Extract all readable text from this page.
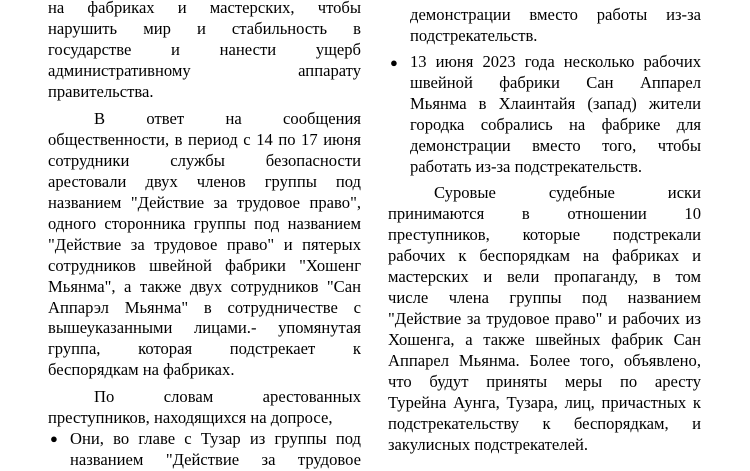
на фабриках и мастерских, чтобы
нарушить мир и стабильность в
государстве и нанести ущерб
административному аппарату
правительства.
В ответ на сообщения
общественности, в период с 14 по 17 июня
сотрудники службы безопасности
арестовали двух членов группы под
названием "Действие за трудовое право",
одного сторонника группы под названием
"Действие за трудовое право" и пятерых
сотрудников швейной фабрики "Хошенг
Мьянма", а также двух сотрудников "Сан
Аппарэл Мьянма" в сотрудничестве с
вышеуказанными лицами.- упомянутая
группа, которая подстрекает к
беспорядкам на фабриках.
По словам арестованных
преступников, находящихся на допросе,
● Они, во главе с Тузар из группы под
названием "Действие за трудовое
демонстрации вместо работы из-за
подстрекательств.
● 13 июня 2023 года несколько рабочих
швейной фабрики Сан Аппарел
Мьянма в Хлаинтайя (запад) жители
городка собрались на фабрике для
демонстрации вместо того, чтобы
работать из-за подстрекательств.
Суровые судебные иски
принимаются в отношении 10
преступников, которые подстрекали
рабочих к беспорядкам на фабриках и
мастерских и вели пропаганду, в том
числе члена группы под названием
"Действие за трудовое право" и рабочих из
Хошенга, а также швейных фабрик Сан
Аппарел Мьянма. Более того, объявлено,
что будут приняты меры по аресту
Турейна Аунга, Тузара, лиц, причастных к
подстрекательству к беспорядкам, и
закулисных подстрекателей.
